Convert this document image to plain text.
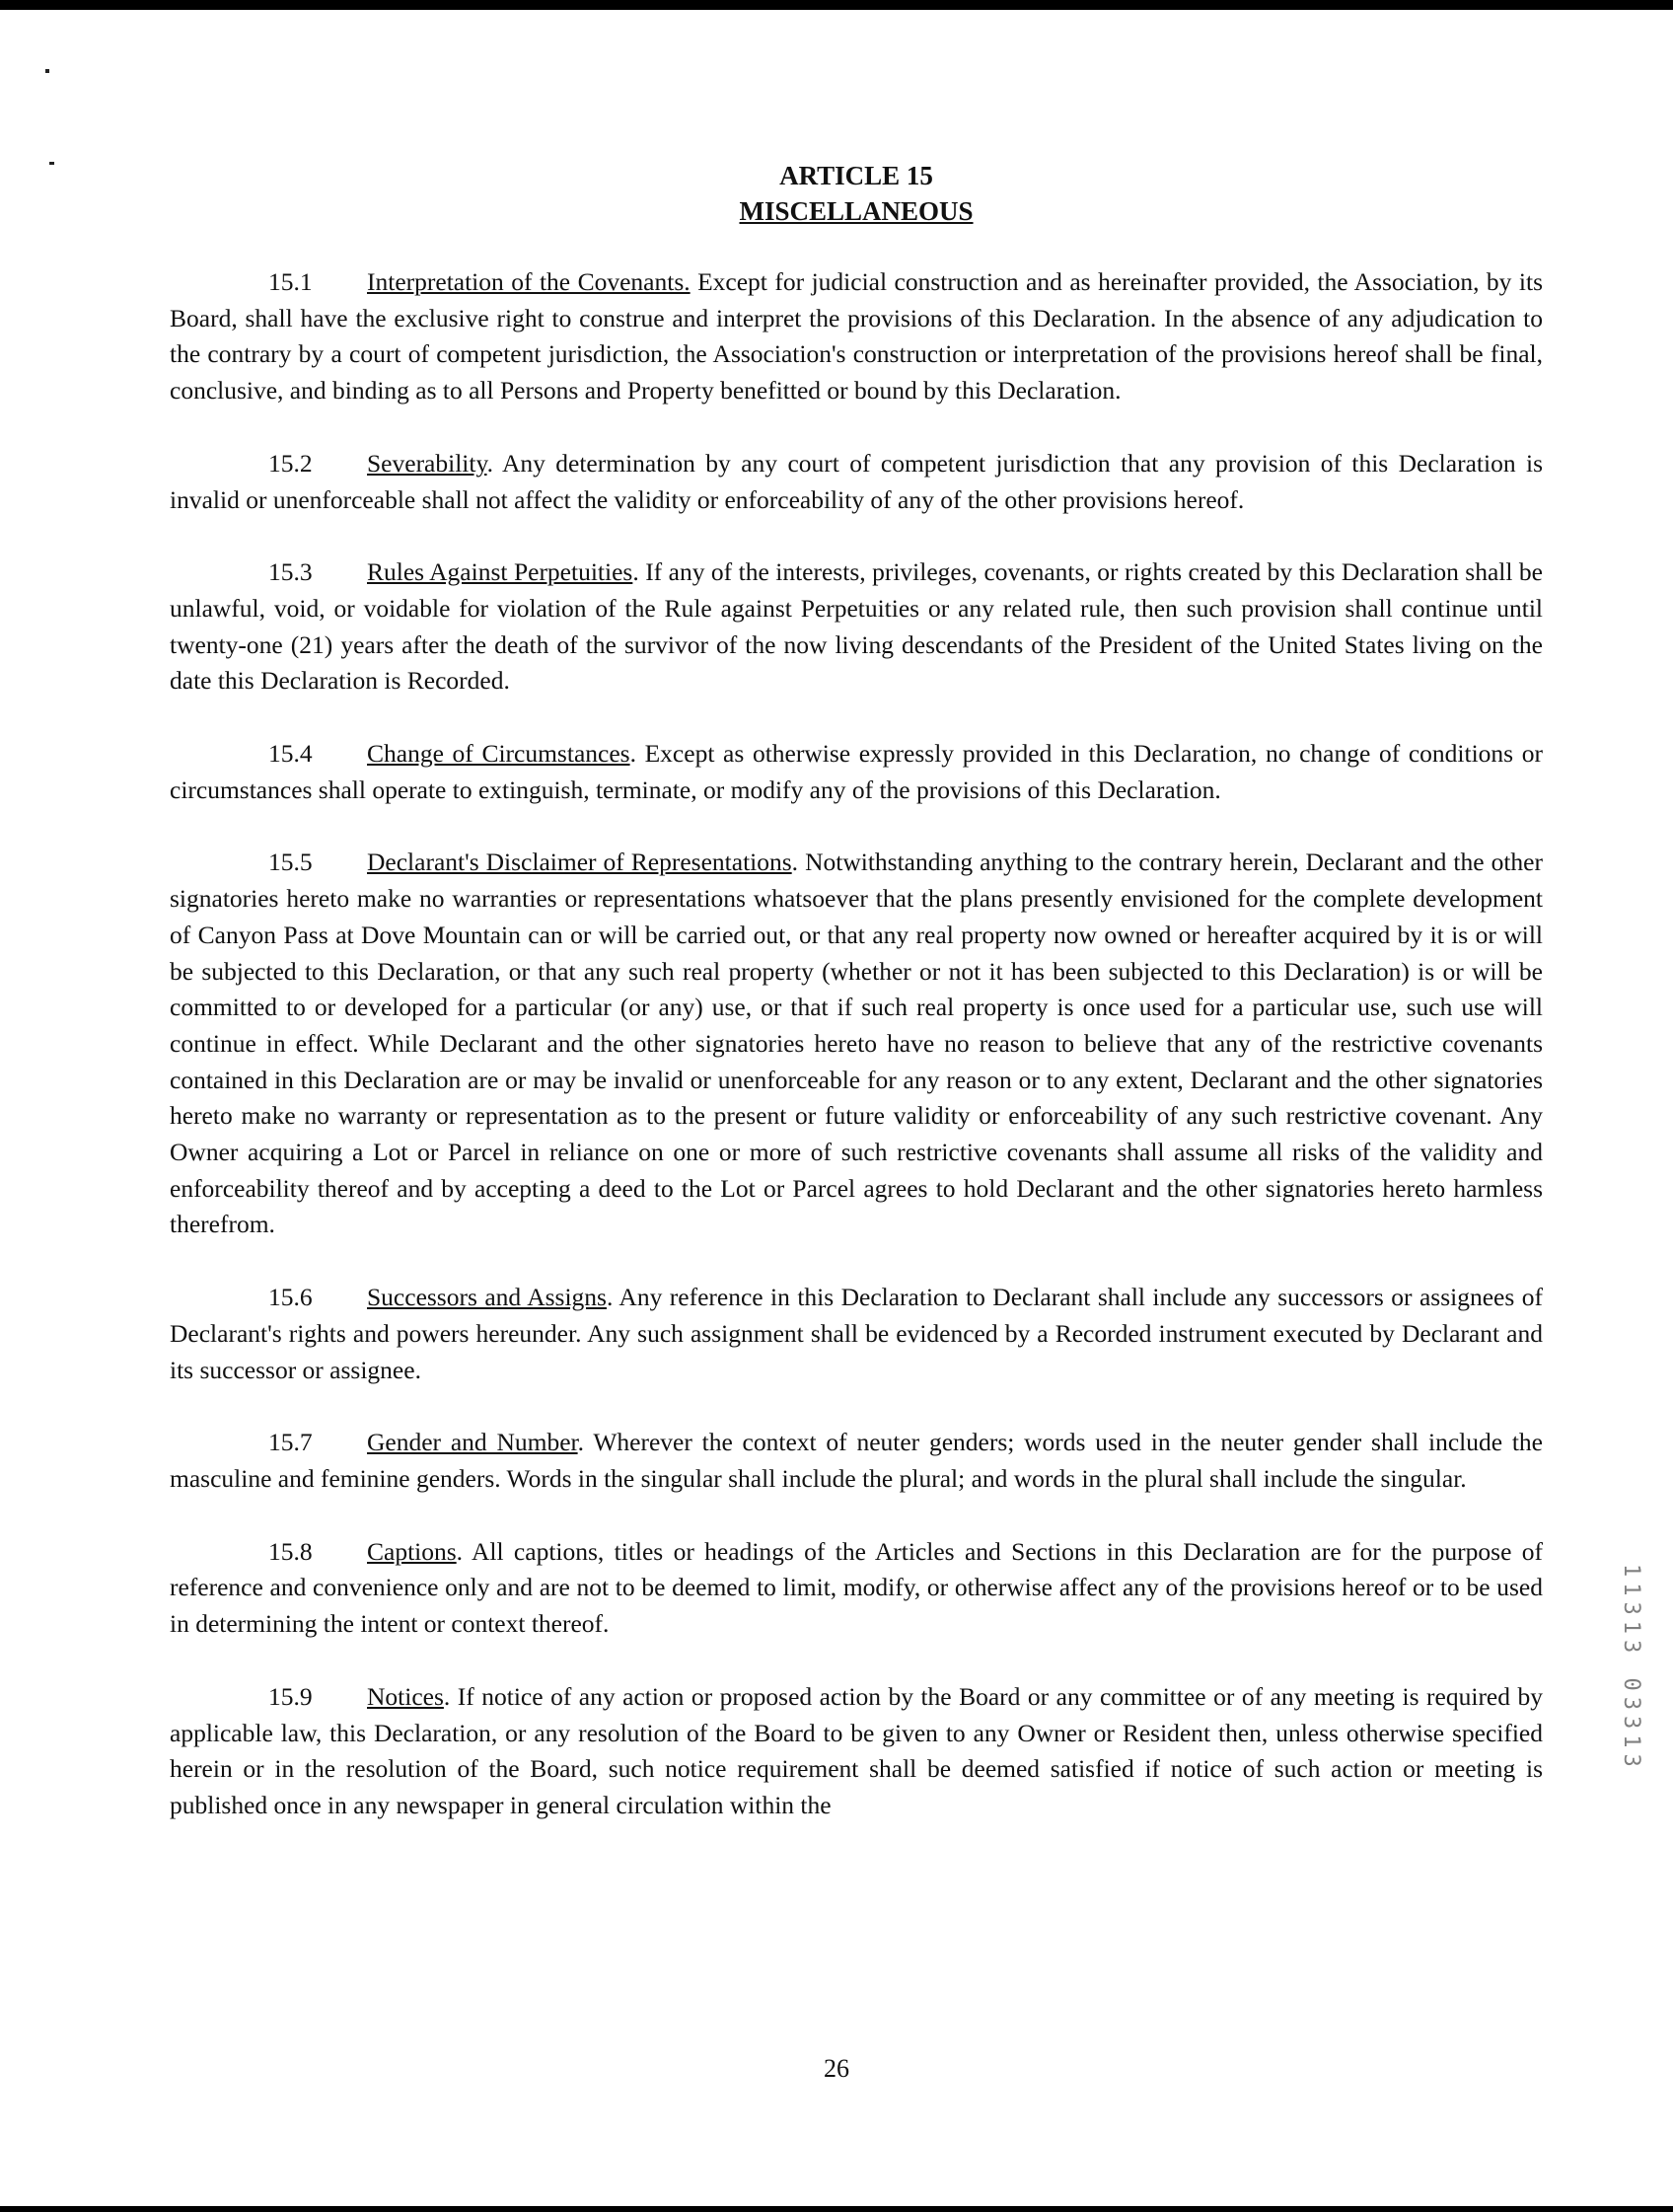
ARTICLE 15

MISCELLANEOUS

15.1 Interpretation of the Covenants. Except for judicial construction and as hereinafter provided, the Association, by its Board, shall have the exclusive right to construe and interpret the provisions of this Declaration. In the absence of any adjudication to the contrary by a court of competent jurisdiction, the Association's construction or interpretation of the provisions hereof shall be final, conclusive, and binding as to all Persons and Property benefitted or bound by this Declaration.

15.2 Severability. Any determination by any court of competent jurisdiction that any provision of this Declaration is invalid or unenforceable shall not affect the validity or enforceability of any of the other provisions hereof.

15.3 Rules Against Perpetuities. If any of the interests, privileges, covenants, or rights created by this Declaration shall be unlawful, void, or voidable for violation of the Rule against Perpetuities or any related rule, then such provision shall continue until twenty-one (21) years after the death of the survivor of the now living descendants of the President of the United States living on the date this Declaration is Recorded.

15.4 Change of Circumstances. Except as otherwise expressly provided in this Declaration, no change of conditions or circumstances shall operate to extinguish, terminate, or modify any of the provisions of this Declaration.

15.5 Declarant's Disclaimer of Representations. Notwithstanding anything to the contrary herein, Declarant and the other signatories hereto make no warranties or representations whatsoever that the plans presently envisioned for the complete development of Canyon Pass at Dove Mountain can or will be carried out, or that any real property now owned or hereafter acquired by it is or will be subjected to this Declaration, or that any such real property (whether or not it has been subjected to this Declaration) is or will be committed to or developed for a particular (or any) use, or that if such real property is once used for a particular use, such use will continue in effect. While Declarant and the other signatories hereto have no reason to believe that any of the restrictive covenants contained in this Declaration are or may be invalid or unenforceable for any reason or to any extent, Declarant and the other signatories hereto make no warranty or representation as to the present or future validity or enforceability of any such restrictive covenant. Any Owner acquiring a Lot or Parcel in reliance on one or more of such restrictive covenants shall assume all risks of the validity and enforceability thereof and by accepting a deed to the Lot or Parcel agrees to hold Declarant and the other signatories hereto harmless therefrom.

15.6 Successors and Assigns. Any reference in this Declaration to Declarant shall include any successors or assignees of Declarant's rights and powers hereunder. Any such assignment shall be evidenced by a Recorded instrument executed by Declarant and its successor or assignee.

15.7 Gender and Number. Wherever the context of neuter genders; words used in the neuter gender shall include the masculine and feminine genders. Words in the singular shall include the plural; and words in the plural shall include the singular.

15.8 Captions. All captions, titles or headings of the Articles and Sections in this Declaration are for the purpose of reference and convenience only and are not to be deemed to limit, modify, or otherwise affect any of the provisions hereof or to be used in determining the intent or context thereof.

15.9 Notices. If notice of any action or proposed action by the Board or any committee or of any meeting is required by applicable law, this Declaration, or any resolution of the Board to be given to any Owner or Resident then, unless otherwise specified herein or in the resolution of the Board, such notice requirement shall be deemed satisfied if notice of such action or meeting is published once in any newspaper in general circulation within the

11313 03313
26
